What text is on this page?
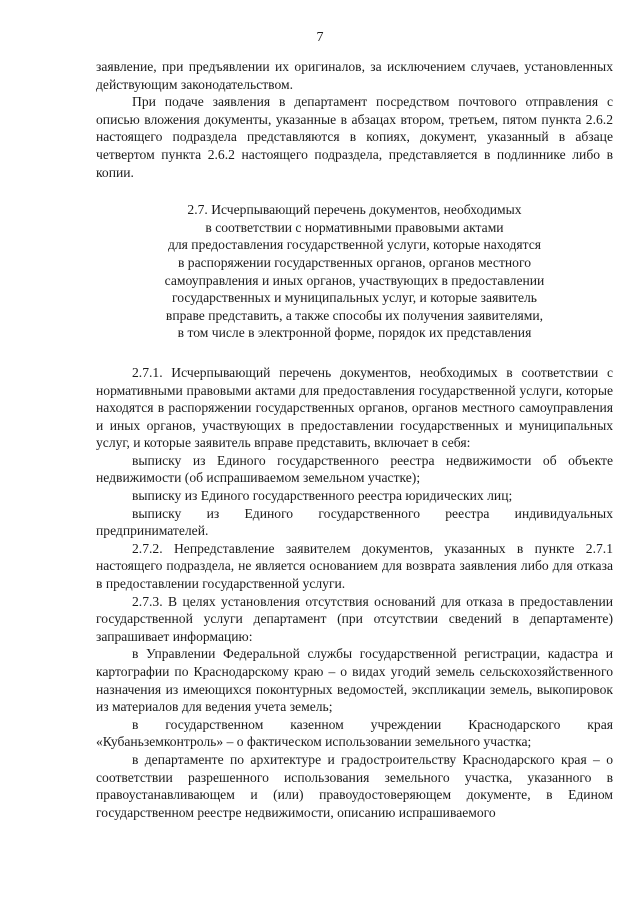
7

заявление, при предъявлении их оригиналов, за исключением случаев, установленных действующим законодательством.

При подаче заявления в департамент посредством почтового отправления с описью вложения документы, указанные в абзацах втором, третьем, пятом пункта 2.6.2 настоящего подраздела представляются в копиях, документ, указанный в абзаце четвертом пункта 2.6.2 настоящего подраздела, представляется в подлиннике либо в копии.

2.7. Исчерпывающий перечень документов, необходимых
в соответствии с нормативными правовыми актами
для предоставления государственной услуги, которые находятся
в распоряжении государственных органов, органов местного
самоуправления и иных органов, участвующих в предоставлении
государственных и муниципальных услуг, и которые заявитель
вправе представить, а также способы их получения заявителями,
в том числе в электронной форме, порядок их представления

2.7.1. Исчерпывающий перечень документов, необходимых в соответствии с нормативными правовыми актами для предоставления государственной услуги, которые находятся в распоряжении государственных органов, органов местного самоуправления и иных органов, участвующих в предоставлении государственных и муниципальных услуг, и которые заявитель вправе представить, включает в себя:

выписку из Единого государственного реестра недвижимости об объекте недвижимости (об испрашиваемом земельном участке);

выписку из Единого государственного реестра юридических лиц;

выписку из Единого государственного реестра индивидуальных предпринимателей.

2.7.2. Непредставление заявителем документов, указанных в пункте 2.7.1 настоящего подраздела, не является основанием для возврата заявления либо для отказа в предоставлении государственной услуги.

2.7.3. В целях установления отсутствия оснований для отказа в предоставлении государственной услуги департамент (при отсутствии сведений в департаменте) запрашивает информацию:

в Управлении Федеральной службы государственной регистрации, кадастра и картографии по Краснодарскому краю – о видах угодий земель сельскохозяйственного назначения из имеющихся поконтурных ведомостей, экспликации земель, выкопировок из материалов для ведения учета земель;

в государственном казенном учреждении Краснодарского края «Кубаньземконтроль» – о фактическом использовании земельного участка;

в департаменте по архитектуре и градостроительству Краснодарского края – о соответствии разрешенного использования земельного участка, указанного в правоустанавливающем и (или) правоудостоверяющем документе, в Едином государственном реестре недвижимости, описанию испрашиваемого
